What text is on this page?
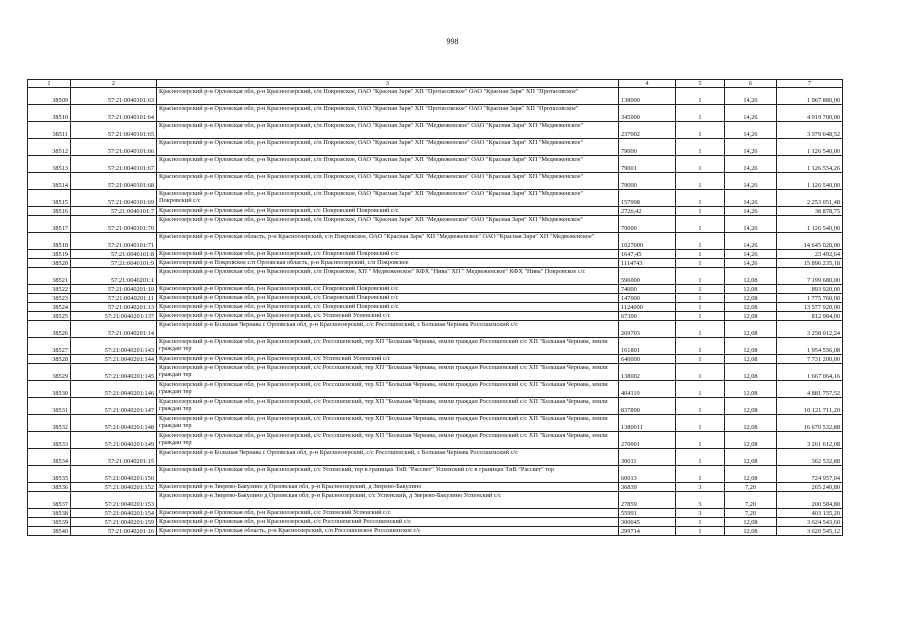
998
1	2	3	4	5	6	7
38509	57:21:0040101:63	Красноозерский р-н Орловская обл, р-н Красноозерский, с/п Покровское, ОАО "Красная Заря" ХП "Протасовское" ОАО "Красная Заря" ХП "Протасовское"	138000	1	14,26	1 967 880,00
38510	57:21:0040101:64	Красноозерский р-н Орловская обл, р-н Красноозерский, с/п Покровское, ОАО "Красная Заря" ХП "Протасовское" ОАО "Красная Заря" ХП "Протасовское"	345000	1	14,26	4 919 700,00
38511	57:21:0040101:65	Красноозерский р-н Орловская обл, р-н Красноозерский, с/п Покровское, ОАО "Красная Заря" ХП "Медвеженское" ОАО "Красная Заря" ХП "Медвеженское"	237002	1	14,26	3 379 648,52
38512	57:21:0040101:66	Красноозерский р-н Орловская обл, р-н Красноозерский, с/п Покровское, ОАО "Красная Заря" ХП "Медвеженское" ОАО "Красная Заря" ХП "Медвеженское"	79000	1	14,26	1 126 540,00
38513	57:21:0040101:67	Красноозерский р-н Орловская обл, р-н Красноозерский, с/п Покровское, ОАО "Красная Заря" ХП "Медвеженское" ОАО "Красная Заря" ХП "Медвеженское"	79001	1	14,26	1 126 554,26
38514	57:21:0040101:68	Красноозерский р-н Орловская обл, р-н Красноозерский, с/п Покровское, ОАО "Красная Заря" ХП "Медвеженское" ОАО "Красная Заря" ХП "Медвеженское"	79000	1	14,26	1 126 540,00
38515	57:21:0040101:69	Красноозерский р-н Орловская обл, р-н Красноозерский, с/п Покровское, ОАО "Красная Заря" ХП "Медвеженское" ОАО "Красная Заря" ХП "Медвеженское" Покровский с/с	157998	1	14,26	2 253 051,48
38516	57:21:0040101:7	Красноозерский р-н Орловская обл, р-н Красноозерский, с/с Покровский Покровский с/с	2726,42	1	14,26	38 878,75
38517	57:21:0040101:70	Красноозерский р-н Орловская обл, р-н Красноозерский, с/п Покровское, ОАО "Красная Заря" ХП "Медвеженское" ОАО "Красная Заря" ХП "Медвеженское"	79000	1	14,26	1 126 540,00
38518	57:21:0040101:71	Красноозерский р-н Орловская область, р-н Красноозерский, с/п Покровское, ОАО "Красная Заря" ХП "Медвеженское" ОАО "Красная Заря" ХП "Медвеженское"	1027000	1	14,26	14 645 020,00
38519	57:21:0040101:8	Красноозерский р-н Орловская обл, р-н Красноозерский, с/с Покровский Покровский с/с	1647,45	1	14,26	23 492,64
38520	57:21:0040101:9	Красноозерский р-н Покровское с/п Орловская область, р-н Красноозерский, с/п Покровское	1114743	1	14,26	15 896 235,18
38521	57:21:0040201:1	Красноозерский р-н Орловская обл, р-н Красноозерский, с/п Покровское, ХП " Медвеженское" КФХ "Нива" ХП " Медвеженское" КФХ "Нива" Покровское с/с	596000	1	12,08	7 199 680,00
38522	57:21:0040201:10	Красноозерский р-н Орловская обл, р-н Красноозерский, с/с Покровский Покровский с/с	74000	1	12,08	893 920,00
38523	57:21:0040201:11	Красноозерский р-н Орловская обл, р-н Красноозерский, с/с Покровский Покровский с/с	147000	1	12,08	1 775 760,00
38524	57:21:0040201:13	Красноозерский р-н Орловская обл, р-н Красноозерский, с/с Покровский Покровский с/с	1124000	1	12,08	13 577 920,00
38525	57:21:0040201:137	Красноозерский р-н Орловская обл, р-н Красноозерский, с/с Успенский Успенский с/с	67300	1	12,08	812 984,00
38526	57:21:0040201:14	Красноозерский р-н Большая Чернава с Орловская обл, р-н Красноозерский, с/с Россошенский, с Большая Чернава Россошенский с/с	269703	1	12,08	3 258 012,24
38527	57:21:0040201:143	Красноозерский р-н Орловская обл, р-н Красноозерский, с/с Россошенский, тер ХП "Большая Чернава, земли граждан Россошенский с/с ХП "Большая Чернава, земли граждан тер	161801	1	12,08	1 954 556,08
38528	57:21:0040201:144	Красноозерский р-н Орловская обл, р-н Красноозерский, с/с Успенский Успенский с/с	640000	1	12,08	7 731 200,00
38529	57:21:0040201:145	Красноозерский р-н Орловская обл, р-н Красноозерский, с/с Россошенский, тер ХП "Большая Чернава, земли граждан Россошенский с/с ХП "Большая Чернава, земли граждан тер	138002	1	12,08	1 667 064,16
38530	57:21:0040201:146	Красноозерский р-н Орловская обл, р-н Красноозерский, с/с Россошенский, тер ХП "Большая Чернава, земли граждан Россошенский с/с ХП "Большая Чернава, земли граждан тер	404119	1	12,08	4 881 757,52
38531	57:21:0040201:147	Красноозерский р-н Орловская обл, р-н Красноозерский, с/с Россошенский, тер ХП "Большая Чернава, земли граждан Россошенский с/с ХП "Большая Чернава, земли граждан тер	837890	1	12,08	10 121 711,20
38532	57:21:0040201:148	Красноозерский р-н Орловская обл, р-н Красноозерский, с/с Россошенский, тер ХП "Большая Чернава, земли граждан Россошенский с/с ХП "Большая Чернава, земли граждан тер	1380011	1	12,08	16 670 532,88
38533	57:21:0040201:149	Красноозерский р-н Орловская обл, р-н Красноозерский, с/с Россошенский, тер ХП "Большая Чернава, земли граждан Россошенский с/с ХП "Большая Чернава, земли граждан тер	270001	1	12,08	3 261 612,08
38534	57:21:0040201:15	Красноозерский р-н Большая Чернава с Орловская обл, р-н Красноозерский, с/с Россошенский, с Большая Чернава Россошенский с/с	30011	1	12,08	362 532,88
38535	57:21:0040201:150	Красноозерский р-н Орловская обл, р-н Красноозерский, с/с Успенский, тер в границах ТнВ "Рассвет" Успенский с/с в границах ТнВ "Рассвет" тер	60013	1	12,08	724 957,04
38536	57:21:0040201:152	Красноозерский р-н Зверево-Бакулино д Орловская обл, р-н Красноозерский, д Зверево-Бакулино	36839	3	7,20	265 240,80
38537	57:21:0040201:153	Красноозерский р-н Зверево-Бакулино д Орловская обл, р-н Красноозерский, с/с Успенский, д Зверево-Бакулино Успенский с/с	27859	3	7,20	200 584,80
38538	57:21:0040201:154	Красноозерский р-н Орловская обл, р-н Красноозерский, с/с Успенский Успенский с/с	55991	3	7,20	403 135,20
38539	57:21:0040201:159	Красноозерский р-н Орловская обл, р-н Красноозерский, с/с Россошенский Россошенский с/с	300045	1	12,08	3 624 543,60
38540	57:21:0040201:16	Красноозерский р-н Орловская область, р-н Красноозерский, с/п Россошенское Россошенское с/с	299714	1	12,08	3 620 545,12
